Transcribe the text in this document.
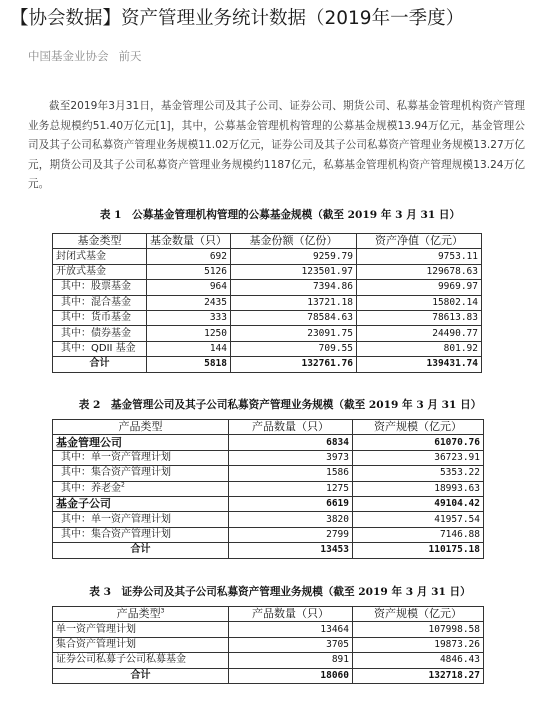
【协会数据】资产管理业务统计数据（2019年一季度）
中国基金业协会 前天

截至2019年3月31日，基金管理公司及其子公司、证券公司、期货公司、私募基金管理机构资产管理业务总规模约51.40万亿元[1]，其中，公募基金管理机构管理的公募基金规模13.94万亿元，基金管理公司及其子公司私募资产管理业务规模11.02万亿元，证券公司及其子公司私募资产管理业务规模13.27万亿元，期货公司及其子公司私募资产管理业务规模约1187亿元，私募基金管理机构资产管理规模13.24万亿元。

表 1　公募基金管理机构管理的公募基金规模（截至 2019 年 3 月 31 日）
基金类型	基金数量（只）	基金份额（亿份）	资产净值（亿元）
封闭式基金	692	9259.79	9753.11
开放式基金	5126	123501.97	129678.63
其中：股票基金	964	7394.86	9969.97
其中：混合基金	2435	13721.18	15802.14
其中：货币基金	333	78584.63	78613.83
其中：债券基金	1250	23091.75	24490.77
其中：QDII 基金	144	709.55	801.92
合计	5818	132761.76	139431.74
表 2　基金管理公司及其子公司私募资产管理业务规模（截至 2019 年 3 月 31 日）
产品类型	产品数量（只）	资产规模（亿元）
基金管理公司	6834	61070.76
其中：单一资产管理计划	3973	36723.91
其中：集合资产管理计划	1586	5353.22
其中：养老金$^2$	1275	18993.63
基金子公司	6619	49104.42
其中：单一资产管理计划	3820	41957.54
其中：集合资产管理计划	2799	7146.88
合计	13453	110175.18
表 3　证券公司及其子公司私募资产管理业务规模（截至 2019 年 3 月 31 日）
产品类型$^3$	产品数量（只）	资产规模（亿元）
单一资产管理计划	13464	107998.58
集合资产管理计划	3705	19873.26
证券公司私募子公司私募基金	891	4846.43
合计	18060	132718.27
